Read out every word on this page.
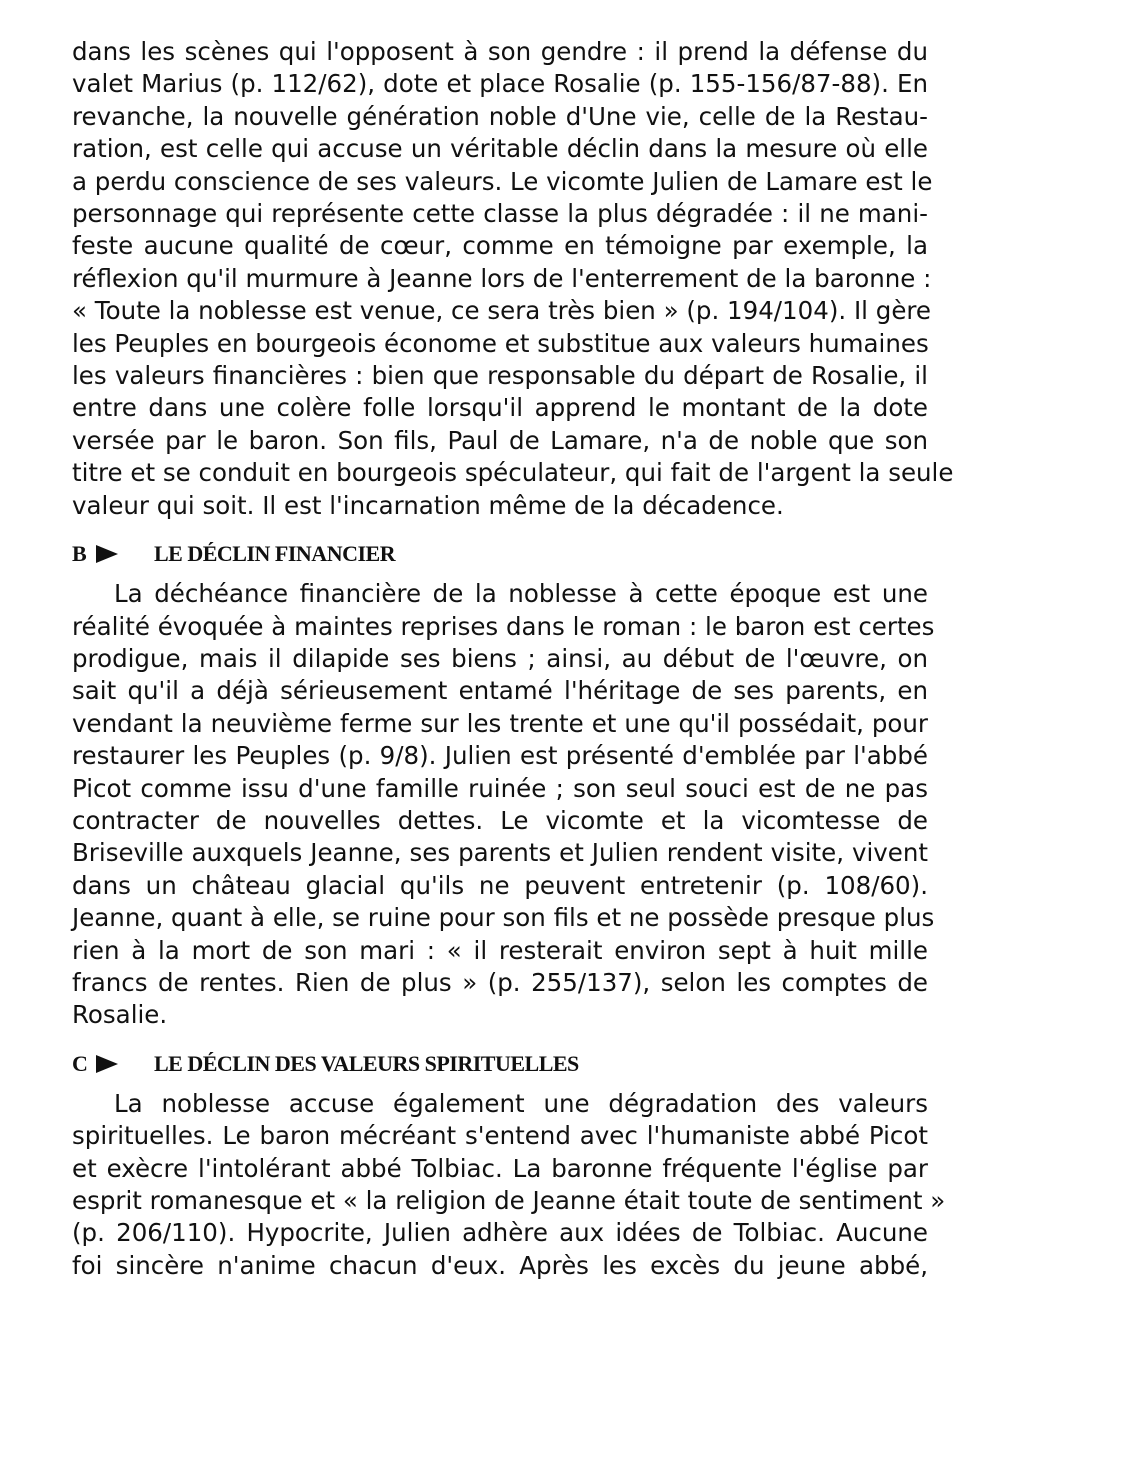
dans les scènes qui l'opposent à son gendre : il prend la défense du
valet Marius (p. 112/62), dote et place Rosalie (p. 155-156/87-88). En
revanche, la nouvelle génération noble d'Une vie, celle de la Restau-
ration, est celle qui accuse un véritable déclin dans la mesure où elle
a perdu conscience de ses valeurs. Le vicomte Julien de Lamare est le
personnage qui représente cette classe la plus dégradée : il ne mani-
feste aucune qualité de cœur, comme en témoigne par exemple, la
réflexion qu'il murmure à Jeanne lors de l'enterrement de la baronne :
« Toute la noblesse est venue, ce sera très bien » (p. 194/104). Il gère
les Peuples en bourgeois économe et substitue aux valeurs humaines
les valeurs financières : bien que responsable du départ de Rosalie, il
entre dans une colère folle lorsqu'il apprend le montant de la dote
versée par le baron. Son fils, Paul de Lamare, n'a de noble que son
titre et se conduit en bourgeois spéculateur, qui fait de l'argent la seule
valeur qui soit. Il est l'incarnation même de la décadence.

B	LE DÉCLIN FINANCIER

La déchéance financière de la noblesse à cette époque est une
réalité évoquée à maintes reprises dans le roman : le baron est certes
prodigue, mais il dilapide ses biens ; ainsi, au début de l'œuvre, on
sait qu'il a déjà sérieusement entamé l'héritage de ses parents, en
vendant la neuvième ferme sur les trente et une qu'il possédait, pour
restaurer les Peuples (p. 9/8). Julien est présenté d'emblée par l'abbé
Picot comme issu d'une famille ruinée ; son seul souci est de ne pas
contracter de nouvelles dettes. Le vicomte et la vicomtesse de
Briseville auxquels Jeanne, ses parents et Julien rendent visite, vivent
dans un château glacial qu'ils ne peuvent entretenir (p. 108/60).
Jeanne, quant à elle, se ruine pour son fils et ne possède presque plus
rien à la mort de son mari : « il resterait environ sept à huit mille
francs de rentes. Rien de plus » (p. 255/137), selon les comptes de
Rosalie.

C	LE DÉCLIN DES VALEURS SPIRITUELLES

La noblesse accuse également une dégradation des valeurs
spirituelles. Le baron mécréant s'entend avec l'humaniste abbé Picot
et exècre l'intolérant abbé Tolbiac. La baronne fréquente l'église par
esprit romanesque et « la religion de Jeanne était toute de sentiment »
(p. 206/110). Hypocrite, Julien adhère aux idées de Tolbiac. Aucune
foi sincère n'anime chacun d'eux. Après les excès du jeune abbé,
